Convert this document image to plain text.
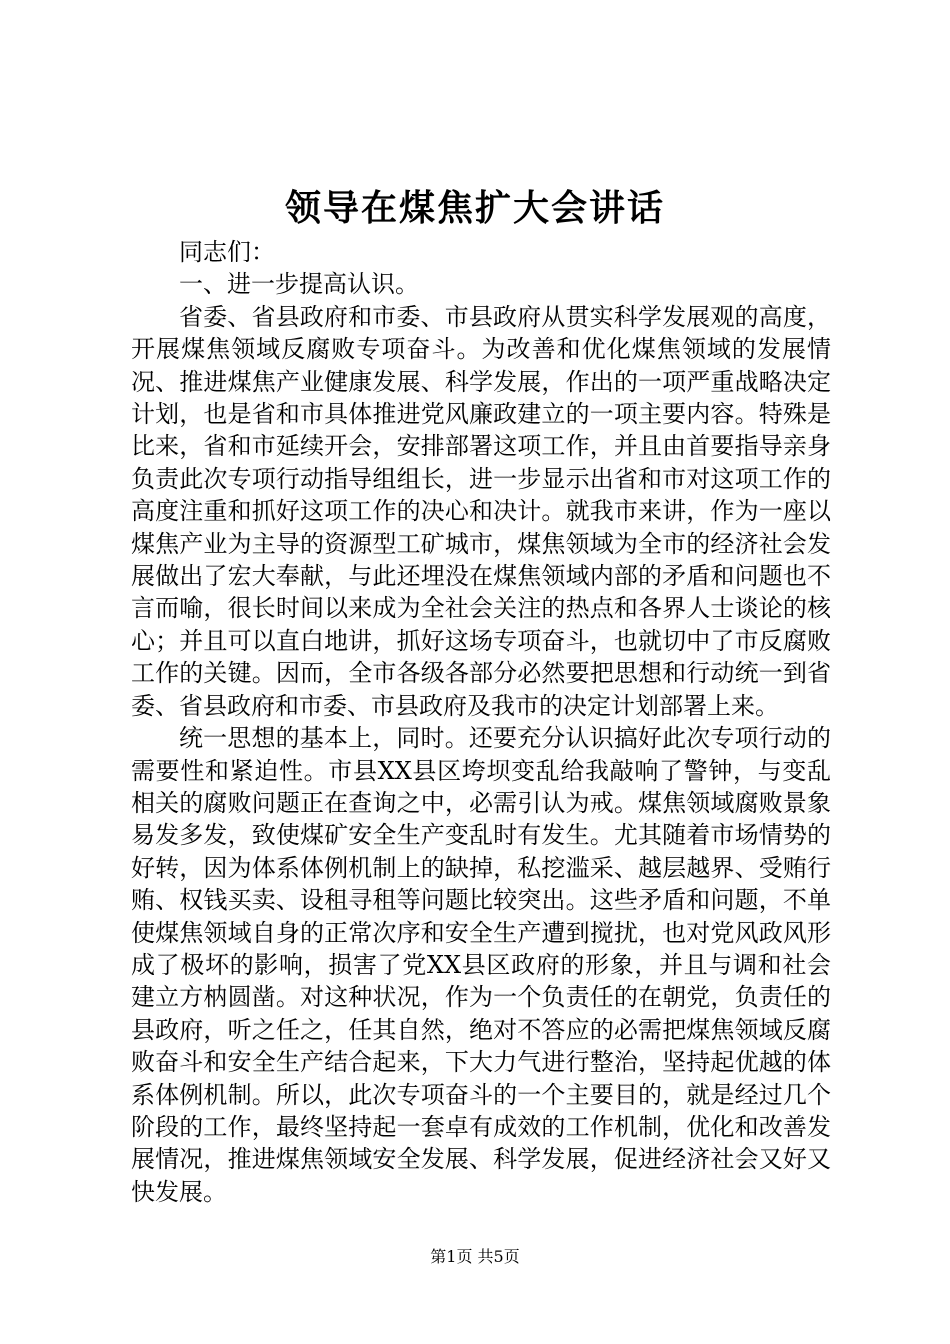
领导在煤焦扩大会讲话

同志们：

一、进一步提高认识。

省委、省县政府和市委、市县政府从贯实科学发展观的高度，开展煤焦领域反腐败专项奋斗。为改善和优化煤焦领域的发展情况、推进煤焦产业健康发展、科学发展，作出的一项严重战略决定计划，也是省和市具体推进党风廉政建立的一项主要内容。特殊是比来，省和市延续开会，安排部署这项工作，并且由首要指导亲身负责此次专项行动指导组组长，进一步显示出省和市对这项工作的高度注重和抓好这项工作的决心和决计。就我市来讲，作为一座以煤焦产业为主导的资源型工矿城市，煤焦领域为全市的经济社会发展做出了宏大奉献，与此还埋没在煤焦领域内部的矛盾和问题也不言而喻，很长时间以来成为全社会关注的热点和各界人士谈论的核心；并且可以直白地讲，抓好这场专项奋斗，也就切中了市反腐败工作的关键。因而，全市各级各部分必然要把思想和行动统一到省委、省县政府和市委、市县政府及我市的决定计划部署上来。

统一思想的基本上，同时。还要充分认识搞好此次专项行动的需要性和紧迫性。市县XX县区垮坝变乱给我敲响了警钟，与变乱相关的腐败问题正在查询之中，必需引认为戒。煤焦领域腐败景象易发多发，致使煤矿安全生产变乱时有发生。尤其随着市场情势的好转，因为体系体例机制上的缺掉，私挖滥采、越层越界、受贿行贿、权钱买卖、设租寻租等问题比较突出。这些矛盾和问题，不单使煤焦领域自身的正常次序和安全生产遭到搅扰，也对党风政风形成了极坏的影响，损害了党XX县区政府的形象，并且与调和社会建立方枘圆凿。对这种状况，作为一个负责任的在朝党，负责任的县政府，听之任之，任其自然，绝对不答应的必需把煤焦领域反腐败奋斗和安全生产结合起来，下大力气进行整治，坚持起优越的体系体例机制。所以，此次专项奋斗的一个主要目的，就是经过几个阶段的工作，最终坚持起一套卓有成效的工作机制，优化和改善发展情况，推进煤焦领域安全发展、科学发展，促进经济社会又好又快发展。

第1页 共5页
